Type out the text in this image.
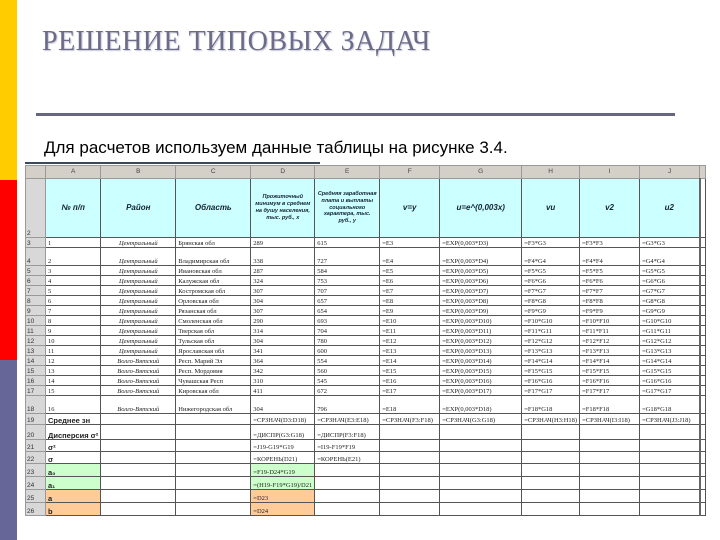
РЕШЕНИЕ ТИПОВЫХ ЗАДАЧ
Для расчетов используем данные таблицы на рисунке 3.4.
	A	B	C	D	E	F	G	H	I	J	
2	№ п/п	Район	Область	Прожиточный минимум в среднем на душу населения, тыс. руб., x	Средняя заработная плата и выплаты социального характера, тыс. руб., y	v=y	u=e^(0,003x)	vu	v2	u2	
3	1	Центральный	Брянская обл	289	615	=E3	=EXP(0,003*D3)	=F3*G3	=F3*F3	=G3*G3	
4	2	Центральный	Владимирская обл	338	727	=E4	=EXP(0,003*D4)	=F4*G4	=F4*F4	=G4*G4	
5	3	Центральный	Ивановская обл	287	584	=E5	=EXP(0,003*D5)	=F5*G5	=F5*F5	=G5*G5	
6	4	Центральный	Калужская обл	324	753	=E6	=EXP(0,003*D6)	=F6*G6	=F6*F6	=G6*G6	
7	5	Центральный	Костромская обл	307	707	=E7	=EXP(0,003*D7)	=F7*G7	=F7*F7	=G7*G7	
8	6	Центральный	Орловская обл	304	657	=E8	=EXP(0,003*D8)	=F8*G8	=F8*F8	=G8*G8	
9	7	Центральный	Рязанская обл	307	654	=E9	=EXP(0,003*D9)	=F9*G9	=F9*F9	=G9*G9	
10	8	Центральный	Смоленская обл	290	693	=E10	=EXP(0,003*D10)	=F10*G10	=F10*F10	=G10*G10	
11	9	Центральный	Тверская обл	314	704	=E11	=EXP(0,003*D11)	=F11*G11	=F11*F11	=G11*G11	
12	10	Центральный	Тульская обл	304	780	=E12	=EXP(0,003*D12)	=F12*G12	=F12*F12	=G12*G12	
13	11	Центральный	Ярославская обл	341	600	=E13	=EXP(0,003*D13)	=F13*G13	=F13*F13	=G13*G13	
14	12	Волго-Вятский	Респ. Марий Эл	364	554	=E14	=EXP(0,003*D14)	=F14*G14	=F14*F14	=G14*G14	
15	13	Волго-Вятский	Респ. Мордовия	342	560	=E15	=EXP(0,003*D15)	=F15*G15	=F15*F15	=G15*G15	
16	14	Волго-Вятский	Чувашская Респ	310	545	=E16	=EXP(0,003*D16)	=F16*G16	=F16*F16	=G16*G16	
17	15	Волго-Вятский	Кировская обл	411	672	=E17	=EXP(0,003*D17)	=F17*G17	=F17*F17	=G17*G17	
18	16	Волго-Вятский	Нижегородская обл	304	796	=E18	=EXP(0,003*D18)	=F18*G18	=F18*F18	=G18*G18	
19	Среднее зн			=СРЗНАЧ(D3:D18)	=СРЗНАЧ(E3:E18)	=СРЗНАЧ(F3:F18)	=СРЗНАЧ(G3:G18)	=СРЗНАЧ(H3:H18)	=СРЗНАЧ(I3:I18)	=СРЗНАЧ(J3:J18)	
20	Дисперсия σ²			=ДИСПР(G3:G18)	=ДИСПР(F3:F18)						
21	σ²			=J19-G19*G19	=I19-F19*F19						
22	σ			=КОРЕНЬ(D21)	=КОРЕНЬ(E21)						
23	a₀			=F19-D24*G19							
24	a₁			=(H19-F19*G19)/D21							
25	a			=D23							
26	b			=D24							
